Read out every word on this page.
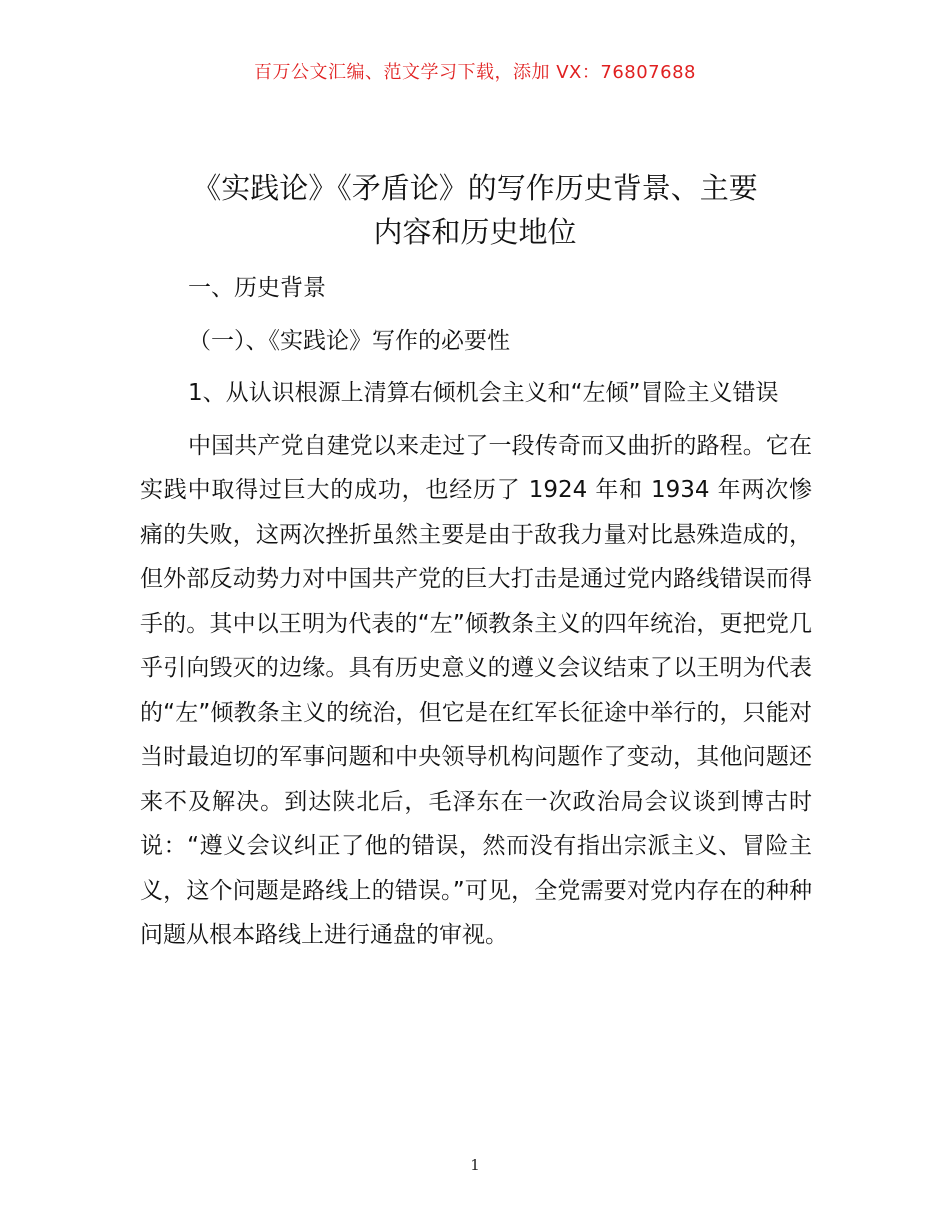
百万公文汇编、范文学习下载，添加 VX：76807688
《实践论》《矛盾论》的写作历史背景、主要
内容和历史地位

一、历史背景

（一）、《实践论》写作的必要性

1、从认识根源上清算右倾机会主义和“左倾”冒险主义错误

中国共产党自建党以来走过了一段传奇而又曲折的路程。它在实践中取得过巨大的成功，也经历了 1924 年和 1934 年两次惨痛的失败，这两次挫折虽然主要是由于敌我力量对比悬殊造成的，但外部反动势力对中国共产党的巨大打击是通过党内路线错误而得手的。其中以王明为代表的“左”倾教条主义的四年统治，更把党几乎引向毁灭的边缘。具有历史意义的遵义会议结束了以王明为代表的“左”倾教条主义的统治，但它是在红军长征途中举行的，只能对当时最迫切的军事问题和中央领导机构问题作了变动，其他问题还来不及解决。到达陕北后，毛泽东在一次政治局会议谈到博古时说：“遵义会议纠正了他的错误，然而没有指出宗派主义、冒险主义，这个问题是路线上的错误。”可见，全党需要对党内存在的种种问题从根本路线上进行通盘的审视。

1
